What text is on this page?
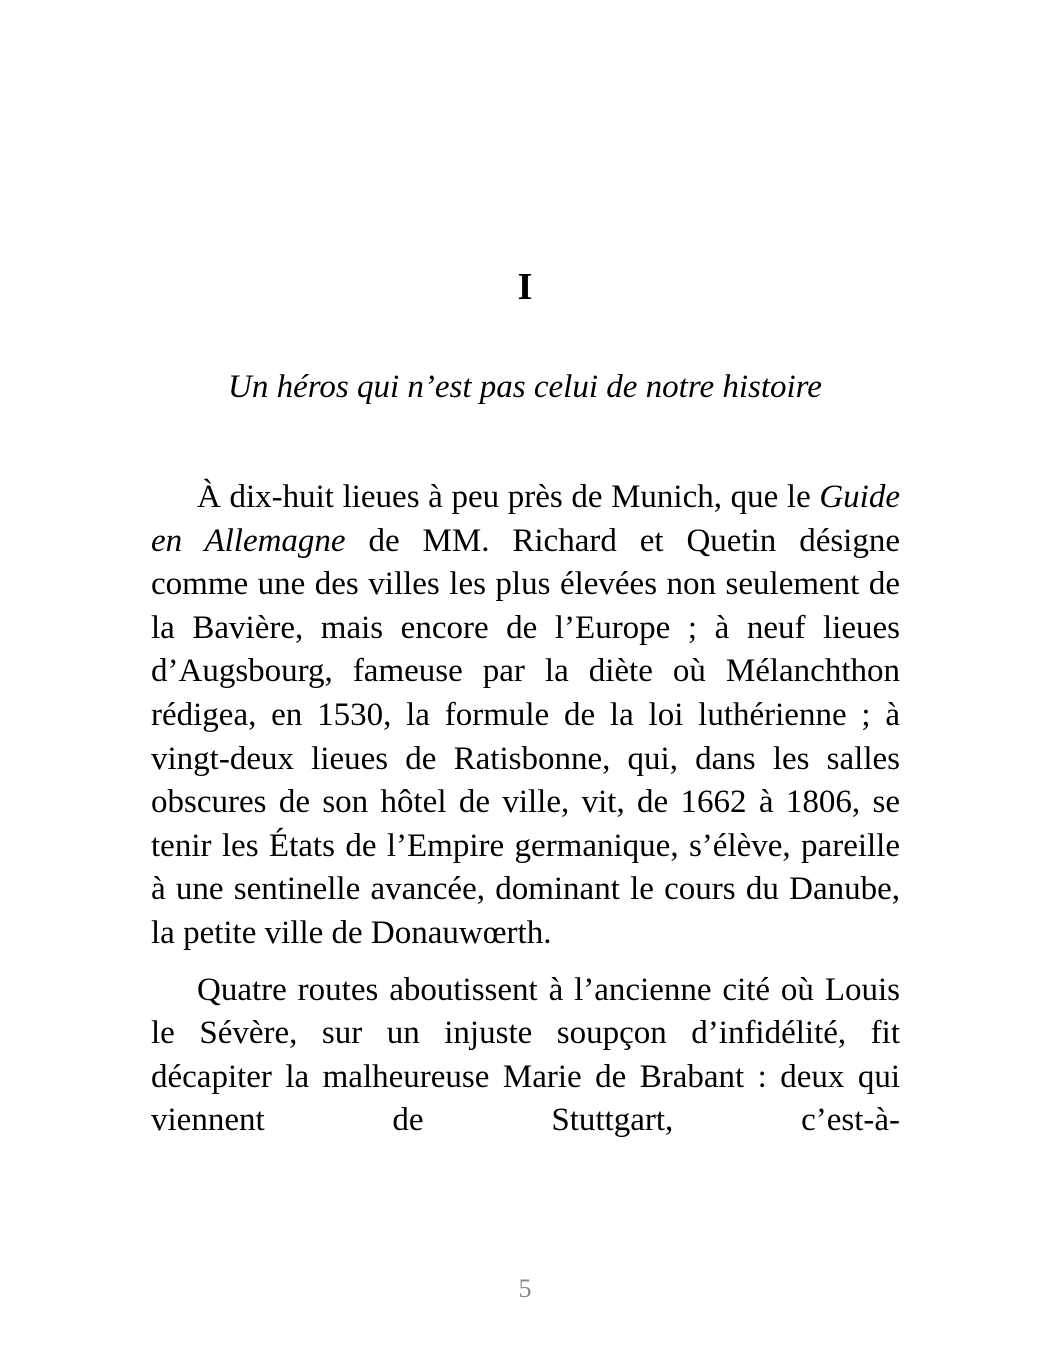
I
Un héros qui n’est pas celui de notre histoire

À dix-huit lieues à peu près de Munich, que le Guide en Allemagne de MM. Richard et Quetin désigne comme une des villes les plus élevées non seulement de la Bavière, mais encore de l’Europe ; à neuf lieues d’Augsbourg, fameuse par la diète où Mélanchthon rédigea, en 1530, la formule de la loi luthérienne ; à vingt-deux lieues de Ratisbonne, qui, dans les salles obscures de son hôtel de ville, vit, de 1662 à 1806, se tenir les États de l’Empire germanique, s’élève, pareille à une sentinelle avancée, dominant le cours du Danube, la petite ville de Donauwœrth.

Quatre routes aboutissent à l’ancienne cité où Louis le Sévère, sur un injuste soupçon d’infidélité, fit décapiter la malheureuse Marie de Brabant : deux qui viennent de Stuttgart, c’est-à-

5
